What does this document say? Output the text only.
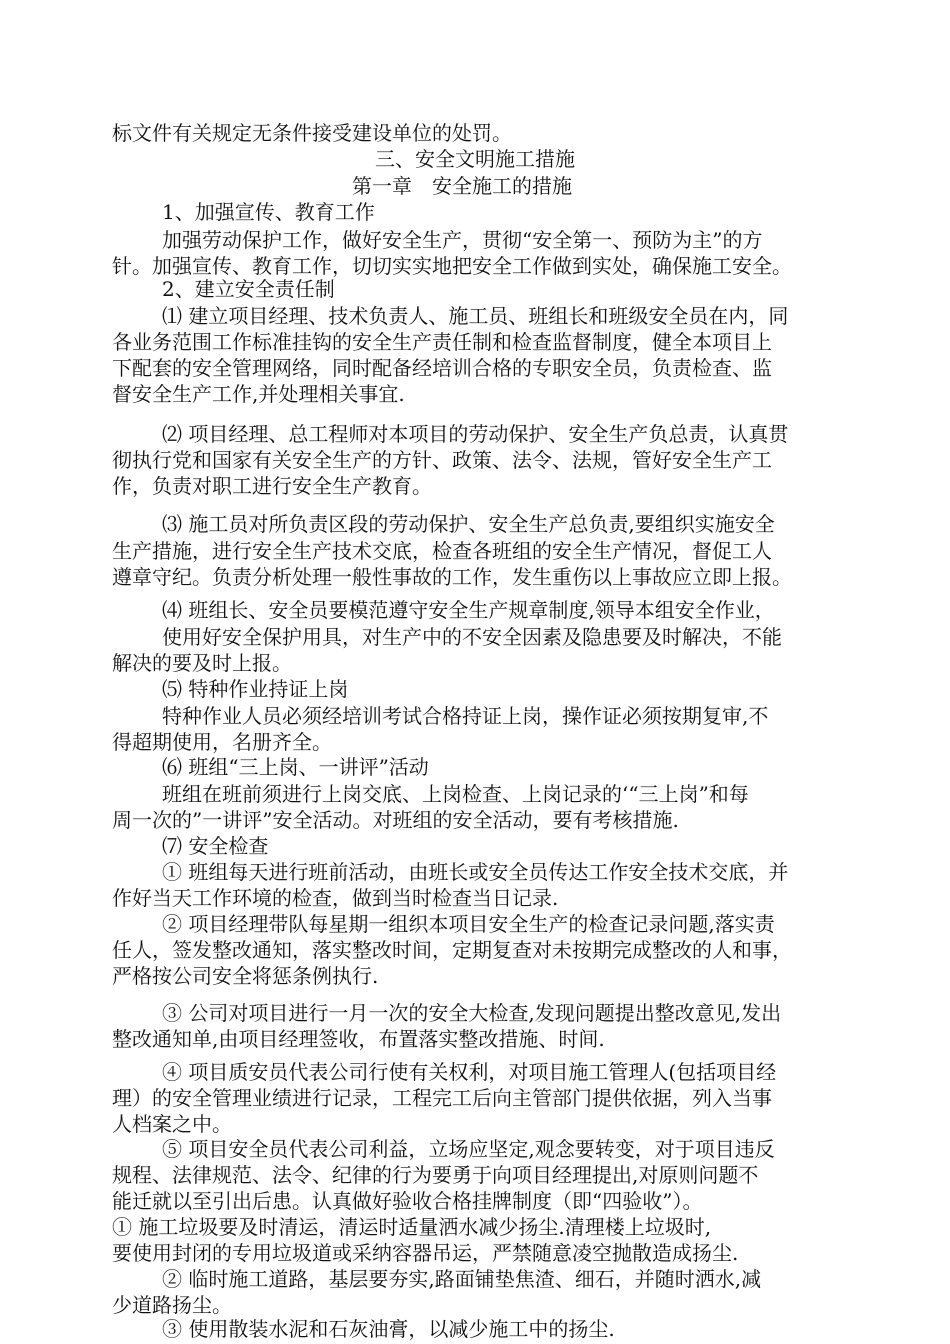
标文件有关规定无条件接受建设单位的处罚。
三、安全文明施工措施
第一章　安全施工的措施
1、加强宣传、教育工作
加强劳动保护工作，做好安全生产，贯彻“安全第一、预防为主”的方
针。加强宣传、教育工作，切切实实地把安全工作做到实处，确保施工安全。
2、建立安全责任制
⑴ 建立项目经理、技术负责人、施工员、班组长和班级安全员在内，同
各业务范围工作标准挂钩的安全生产责任制和检查监督制度，健全本项目上
下配套的安全管理网络，同时配备经培训合格的专职安全员，负责检查、监
督安全生产工作,并处理相关事宜.
⑵ 项目经理、总工程师对本项目的劳动保护、安全生产负总责，认真贯
彻执行党和国家有关安全生产的方针、政策、法令、法规，管好安全生产工
作，负责对职工进行安全生产教育。
⑶ 施工员对所负责区段的劳动保护、安全生产总负责,要组织实施安全
生产措施，进行安全生产技术交底，检查各班组的安全生产情况，督促工人
遵章守纪。负责分析处理一般性事故的工作，发生重伤以上事故应立即上报。
⑷ 班组长、安全员要模范遵守安全生产规章制度,领导本组安全作业，
使用好安全保护用具，对生产中的不安全因素及隐患要及时解决，不能
解决的要及时上报。
⑸ 特种作业持证上岗
特种作业人员必须经培训考试合格持证上岗，操作证必须按期复审,不
得超期使用，名册齐全。
⑹ 班组“三上岗、一讲评”活动
班组在班前须进行上岗交底、上岗检查、上岗记录的‘“三上岗”和每
周一次的”一讲评”安全活动。对班组的安全活动，要有考核措施.
⑺ 安全检查
① 班组每天进行班前活动，由班长或安全员传达工作安全技术交底，并
作好当天工作环境的检查，做到当时检查当日记录.
② 项目经理带队每星期一组织本项目安全生产的检查记录问题,落实责
任人，签发整改通知，落实整改时间，定期复查对未按期完成整改的人和事，
严格按公司安全将惩条例执行.
③ 公司对项目进行一月一次的安全大检查,发现问题提出整改意见,发出
整改通知单,由项目经理签收，布置落实整改措施、时间.
④ 项目质安员代表公司行使有关权利，对项目施工管理人(包括项目经
理）的安全管理业绩进行记录，工程完工后向主管部门提供依据，列入当事
人档案之中。
⑤ 项目安全员代表公司利益，立场应坚定,观念要转变，对于项目违反
规程、法律规范、法令、纪律的行为要勇于向项目经理提出,对原则问题不
能迁就以至引出后患。认真做好验收合格挂牌制度（即“四验收”）。
① 施工垃圾要及时清运，清运时适量洒水减少扬尘.清理楼上垃圾时,
要使用封闭的专用垃圾道或采纳容器吊运，严禁随意凌空抛散造成扬尘.
② 临时施工道路，基层要夯实,路面铺垫焦渣、细石，并随时洒水,减
少道路扬尘。
③ 使用散装水泥和石灰油膏，以减少施工中的扬尘.
